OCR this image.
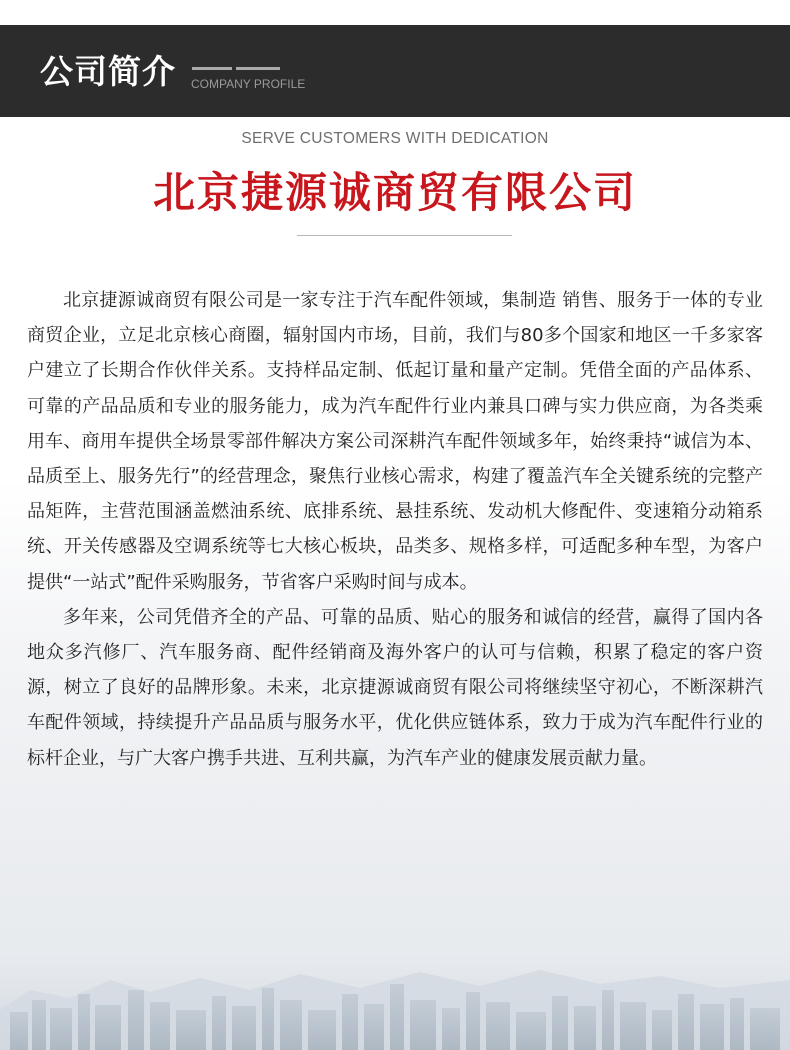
公司简介 COMPANY PROFILE
SERVE CUSTOMERS WITH DEDICATION
北京捷源诚商贸有限公司

北京捷源诚商贸有限公司是一家专注于汽车配件领域，集制造 销售、服务于一体的专业商贸企业，立足北京核心商圈，辐射国内市场，目前，我们与80多个国家和地区一千多家客户建立了长期合作伙伴关系。支持样品定制、低起订量和量产定制。凭借全面的产品体系、可靠的产品品质和专业的服务能力，成为汽车配件行业内兼具口碑与实力供应商，为各类乘用车、商用车提供全场景零部件解决方案公司深耕汽车配件领域多年，始终秉持“诚信为本、品质至上、服务先行”的经营理念，聚焦行业核心需求，构建了覆盖汽车全关键系统的完整产品矩阵，主营范围涵盖燃油系统、底排系统、悬挂系统、发动机大修配件、变速箱分动箱系统、开关传感器及空调系统等七大核心板块，品类多、规格多样，可适配多种车型，为客户提供“一站式”配件采购服务，节省客户采购时间与成本。

多年来，公司凭借齐全的产品、可靠的品质、贴心的服务和诚信的经营，赢得了国内各地众多汽修厂、汽车服务商、配件经销商及海外客户的认可与信赖，积累了稳定的客户资源，树立了良好的品牌形象。未来，北京捷源诚商贸有限公司将继续坚守初心，不断深耕汽车配件领域，持续提升产品品质与服务水平，优化供应链体系，致力于成为汽车配件行业的标杆企业，与广大客户携手共进、互利共赢，为汽车产业的健康发展贡献力量。
